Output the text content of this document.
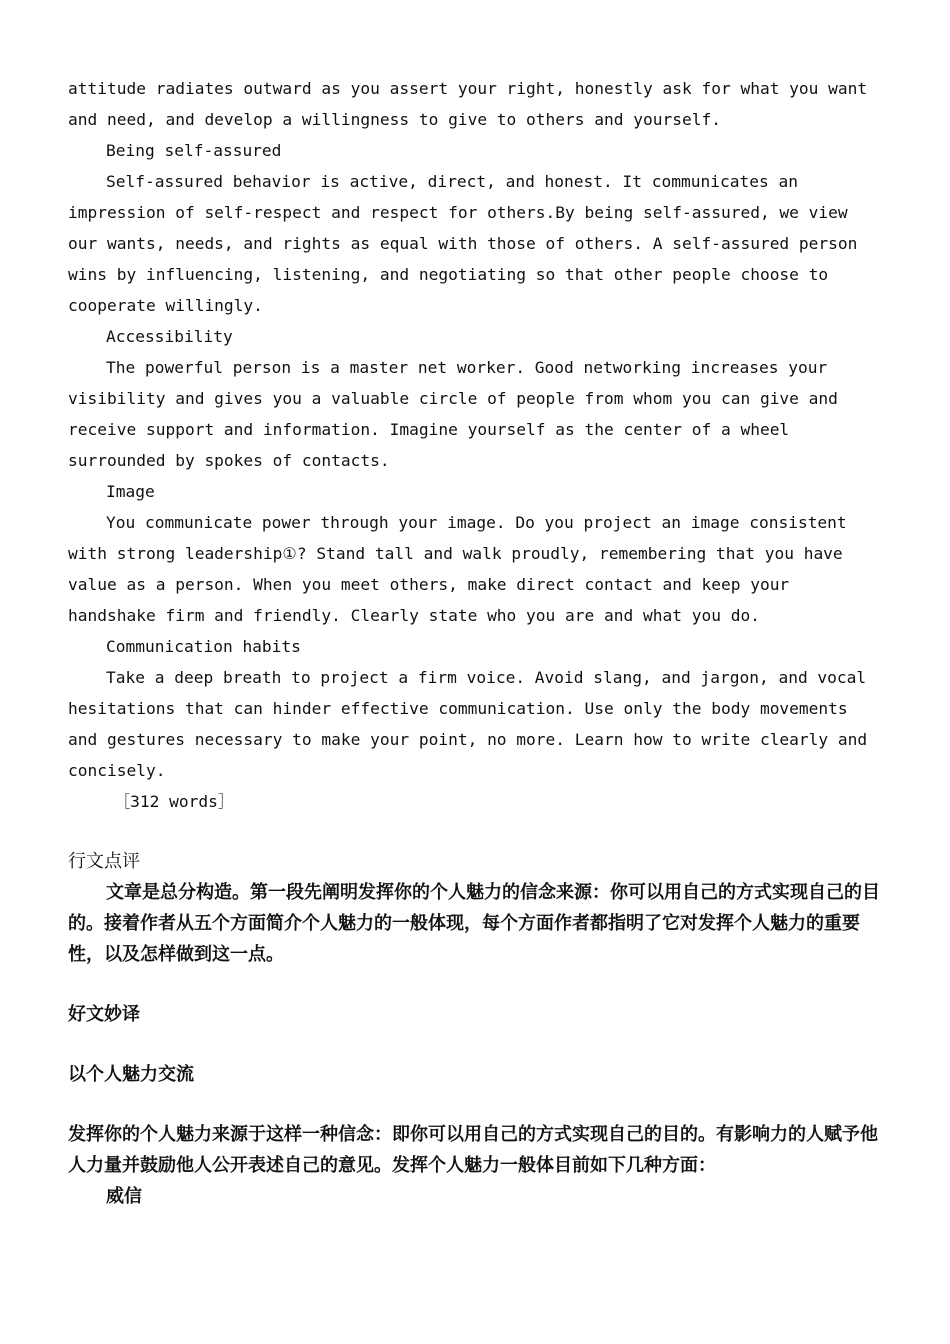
attitude radiates outward as you assert your right, honestly ask for what you want and need, and develop a willingness to give to others and yourself.

Being self-assured

Self-assured behavior is active, direct, and honest. It communicates an impression of self-respect and respect for others.By being self-assured, we view our wants, needs, and rights as equal with those of others. A self-assured person wins by influencing, listening, and negotiating so that other people choose to cooperate willingly.

Accessibility

The powerful person is a master net worker. Good networking increases your visibility and gives you a valuable circle of people from whom you can give and receive support and information. Imagine yourself as the center of a wheel surrounded by spokes of contacts.

Image

You communicate power through your image. Do you project an image consistent with strong leadership①? Stand tall and walk proudly, remembering that you have value as a person. When you meet others, make direct contact and keep your handshake firm and friendly. Clearly state who you are and what you do.

Communication habits

Take a deep breath to project a firm voice. Avoid slang, and jargon, and vocal hesitations that can hinder effective communication. Use only the body movements and gestures necessary to make your point, no more. Learn how to write clearly and concisely.

［312 words］

行文点评

文章是总分构造。第一段先阐明发挥你的个人魅力的信念来源：你可以用自己的方式实现自己的目的。接着作者从五个方面简介个人魅力的一般体现，每个方面作者都指明了它对发挥个人魅力的重要性，以及怎样做到这一点。

好文妙译

以个人魅力交流

发挥你的个人魅力来源于这样一种信念：即你可以用自己的方式实现自己的目的。有影响力的人赋予他人力量并鼓励他人公开表述自己的意见。发挥个人魅力一般体目前如下几种方面：

威信
